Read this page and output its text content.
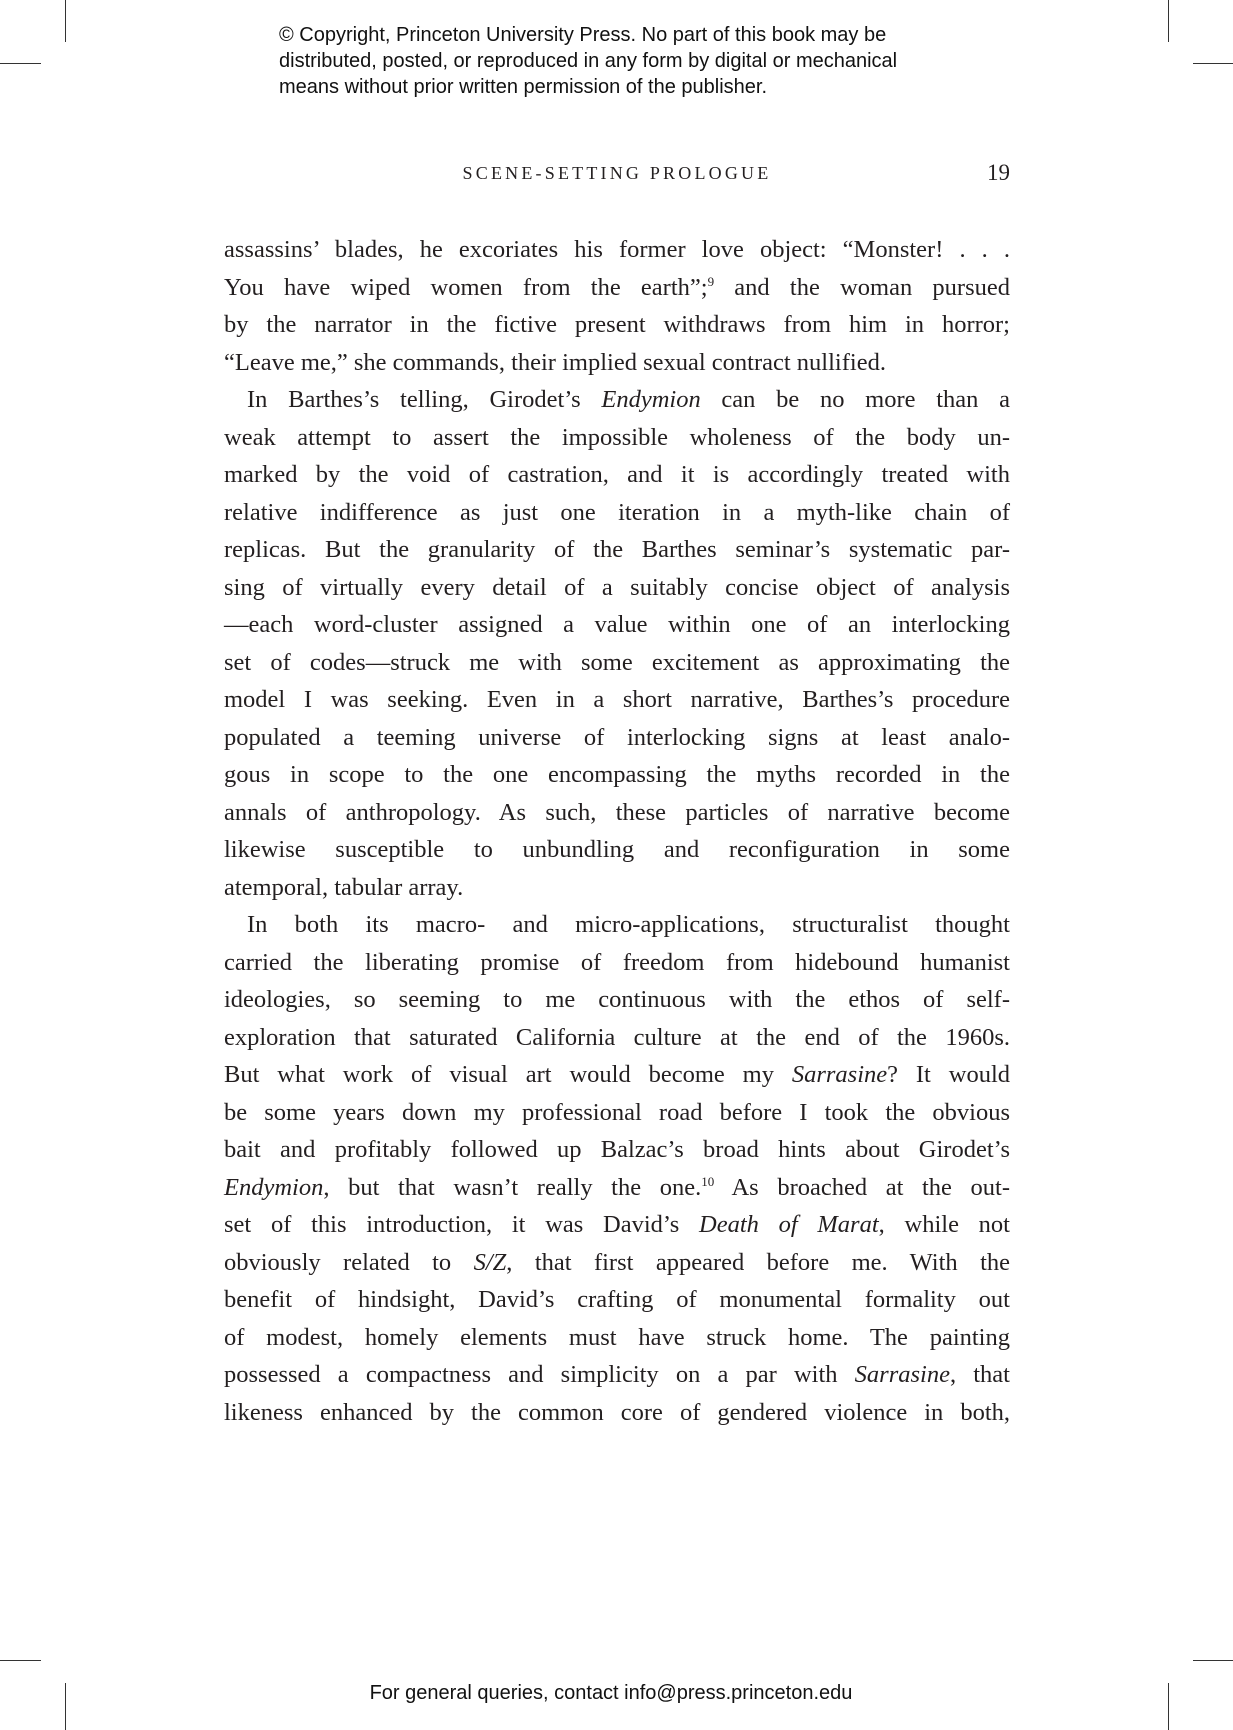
© Copyright, Princeton University Press. No part of this book may be
distributed, posted, or reproduced in any form by digital or mechanical
means without prior written permission of the publisher.
SCENE-SETTING PROLOGUE	19
assassins’ blades, he excoriates his former love object: “Monster! . . .
You have wiped women from the earth”;$^9$ and the woman pursued
by the narrator in the fictive present withdraws from him in horror;
“Leave me,” she commands, their implied sexual contract nullified.
In Barthes’s telling, Girodet’s Endymion can be no more than a
weak attempt to assert the impossible wholeness of the body un-
marked by the void of castration, and it is accordingly treated with
relative indifference as just one iteration in a myth-like chain of
replicas. But the granularity of the Barthes seminar’s systematic par-
sing of virtually every detail of a suitably concise object of analysis
—each word-cluster assigned a value within one of an interlocking
set of codes—struck me with some excitement as approximating the
model I was seeking. Even in a short narrative, Barthes’s procedure
populated a teeming universe of interlocking signs at least analo-
gous in scope to the one encompassing the myths recorded in the
annals of anthropology. As such, these particles of narrative become
likewise susceptible to unbundling and reconfiguration in some
atemporal, tabular array.
In both its macro- and micro-applications, structuralist thought
carried the liberating promise of freedom from hidebound humanist
ideologies, so seeming to me continuous with the ethos of self-
exploration that saturated California culture at the end of the 1960s.
But what work of visual art would become my Sarrasine? It would
be some years down my professional road before I took the obvious
bait and profitably followed up Balzac’s broad hints about Girodet’s
Endymion, but that wasn’t really the one.$^{10}$ As broached at the out-
set of this introduction, it was David’s Death of Marat, while not
obviously related to S/Z, that first appeared before me. With the
benefit of hindsight, David’s crafting of monumental formality out
of modest, homely elements must have struck home. The painting
possessed a compactness and simplicity on a par with Sarrasine, that
likeness enhanced by the common core of gendered violence in both,
For general queries, contact info@press.princeton.edu
